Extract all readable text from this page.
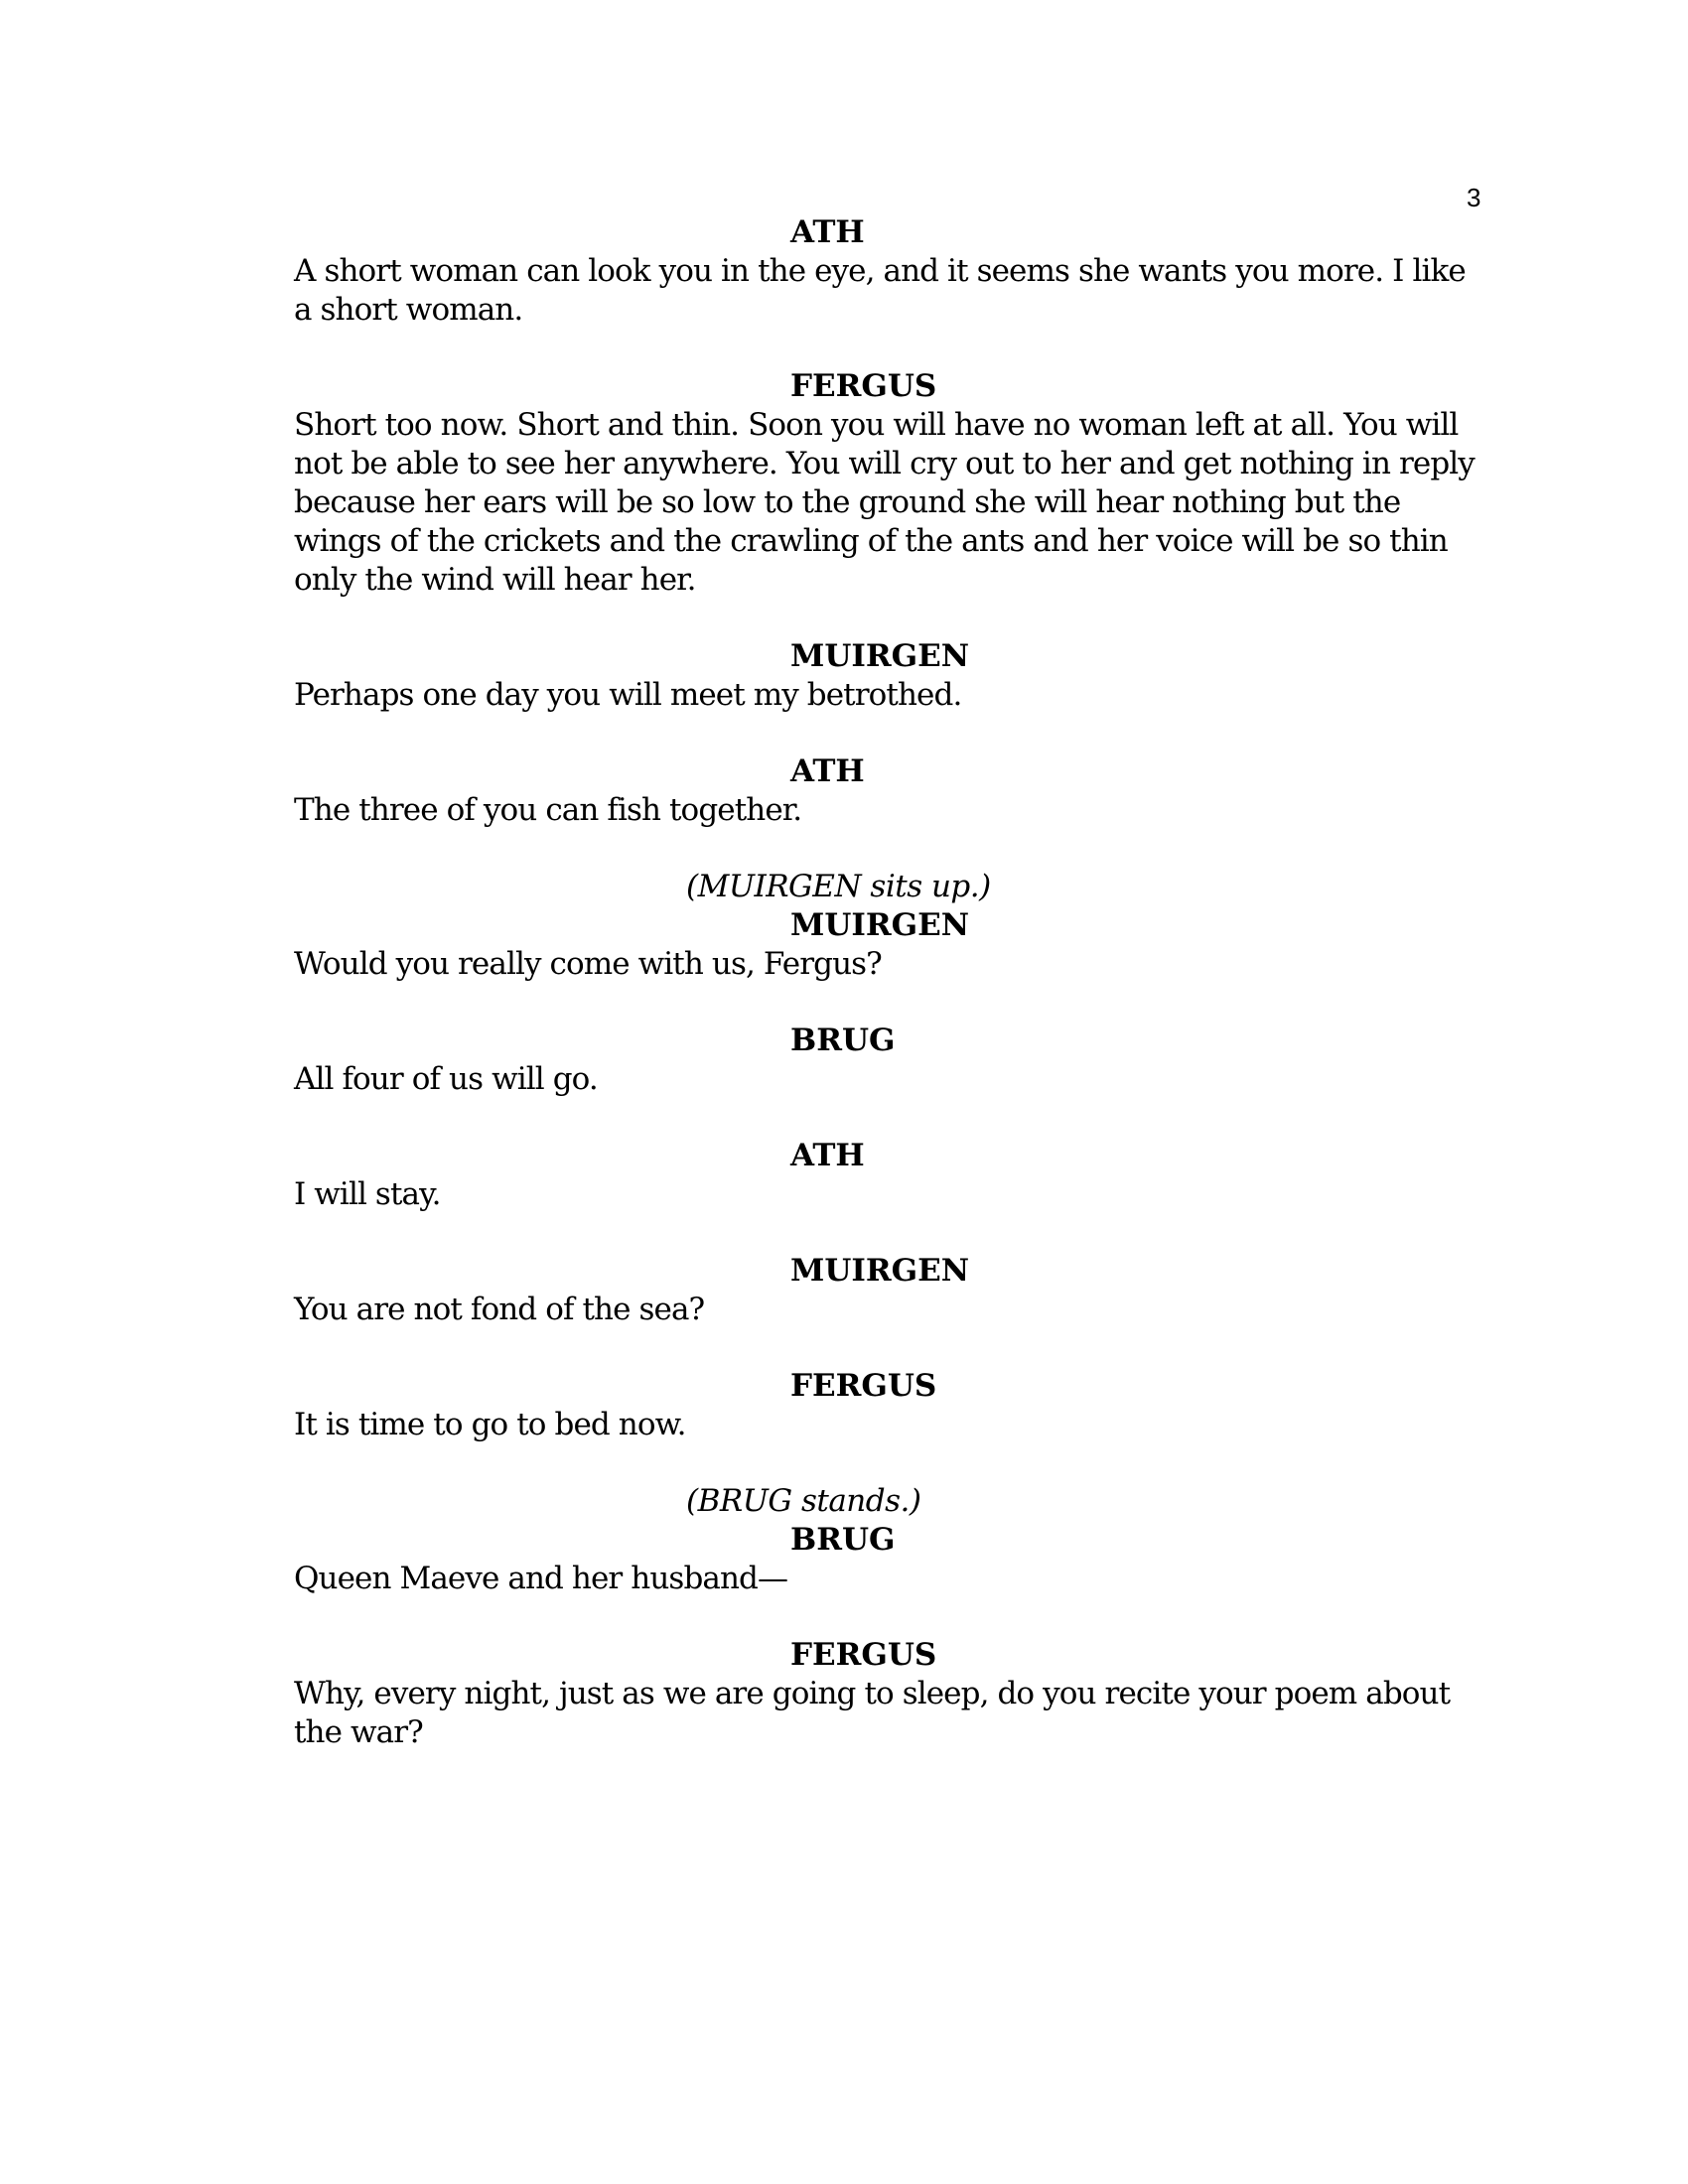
3
ATH
A short woman can look you in the eye, and it seems she wants you more. I like a short woman.
FERGUS
Short too now. Short and thin. Soon you will have no woman left at all. You will not be able to see her anywhere. You will cry out to her and get nothing in reply because her ears will be so low to the ground she will hear nothing but the wings of the crickets and the crawling of the ants and her voice will be so thin only the wind will hear her.
MUIRGEN
Perhaps one day you will meet my betrothed.
ATH
The three of you can fish together.
(MUIRGEN sits up.)
MUIRGEN
Would you really come with us, Fergus?
BRUG
All four of us will go.
ATH
I will stay.
MUIRGEN
You are not fond of the sea?
FERGUS
It is time to go to bed now.
(BRUG stands.)
BRUG
Queen Maeve and her husband—
FERGUS
Why, every night, just as we are going to sleep, do you recite your poem about the war?
